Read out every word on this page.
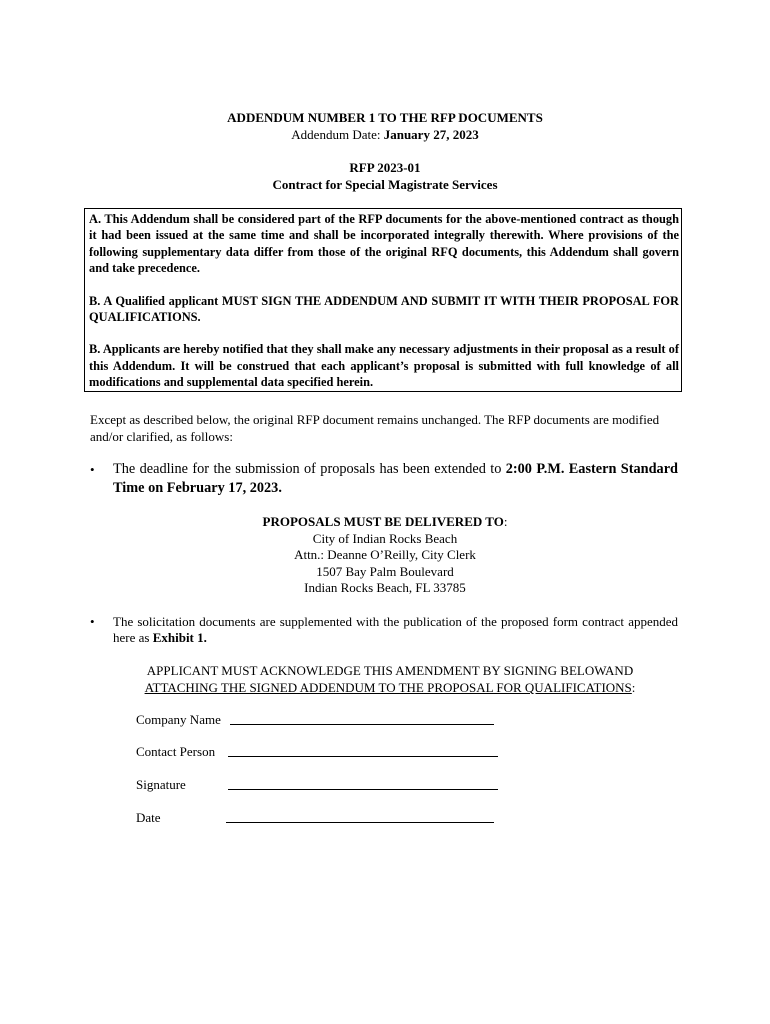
ADDENDUM NUMBER 1 TO THE RFP DOCUMENTS
Addendum Date: January 27, 2023
RFP 2023-01
Contract for Special Magistrate Services

A. This Addendum shall be considered part of the RFP documents for the above-mentioned contract as though it had been issued at the same time and shall be incorporated integrally therewith. Where provisions of the following supplementary data differ from those of the original RFQ documents, this Addendum shall govern and take precedence.

B. A Qualified applicant MUST SIGN THE ADDENDUM AND SUBMIT IT WITH THEIR PROPOSAL FOR QUALIFICATIONS.

B. Applicants are hereby notified that they shall make any necessary adjustments in their proposal as a result of this Addendum. It will be construed that each applicant’s proposal is submitted with full knowledge of all modifications and supplemental data specified herein.

Except as described below, the original RFP document remains unchanged. The RFP documents are modified and/or clarified, as follows:
• The deadline for the submission of proposals has been extended to 2:00 P.M. Eastern Standard Time on February 17, 2023.
PROPOSALS MUST BE DELIVERED TO:
City of Indian Rocks Beach
Attn.: Deanne O’Reilly, City Clerk
1507 Bay Palm Boulevard
Indian Rocks Beach, FL 33785
• The solicitation documents are supplemented with the publication of the proposed form contract appended here as Exhibit 1.
APPLICANT MUST ACKNOWLEDGE THIS AMENDMENT BY SIGNING BELOWAND
ATTACHING THE SIGNED ADDENDUM TO THE PROPOSAL FOR QUALIFICATIONS:
Company Name
Contact Person
Signature
Date
